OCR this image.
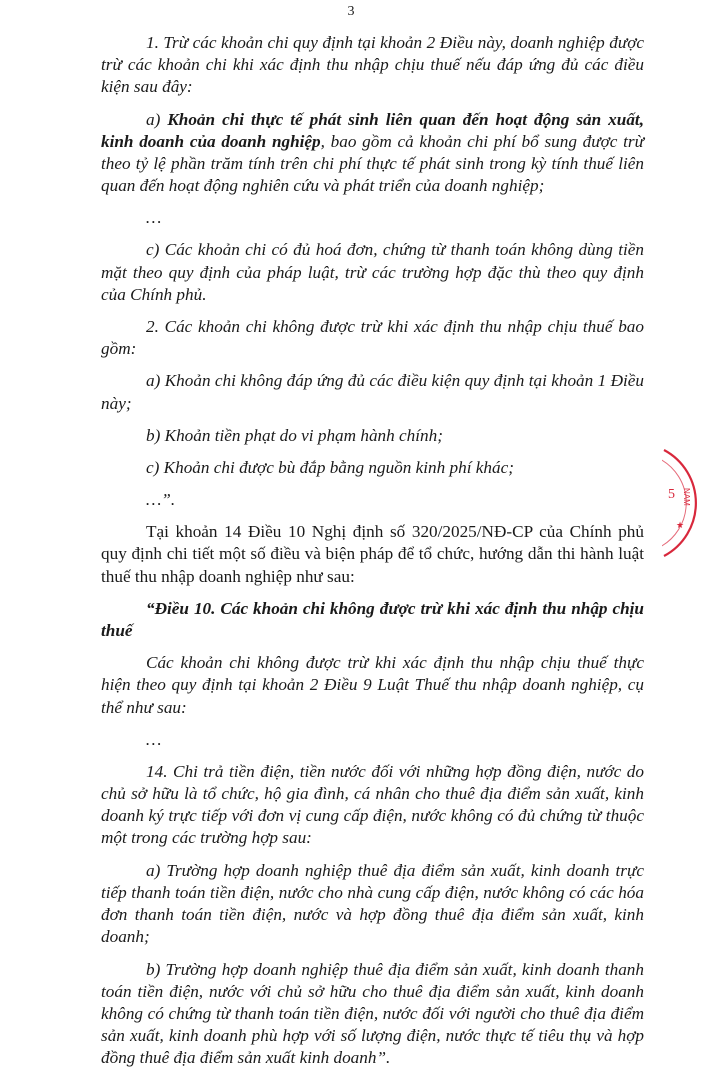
3

1. Trừ các khoản chi quy định tại khoản 2 Điều này, doanh nghiệp được trừ các khoản chi khi xác định thu nhập chịu thuế nếu đáp ứng đủ các điều kiện sau đây:

a) Khoản chi thực tế phát sinh liên quan đến hoạt động sản xuất, kinh doanh của doanh nghiệp, bao gồm cả khoản chi phí bổ sung được trừ theo tỷ lệ phần trăm tính trên chi phí thực tế phát sinh trong kỳ tính thuế liên quan đến hoạt động nghiên cứu và phát triển của doanh nghiệp;

…

c) Các khoản chi có đủ hoá đơn, chứng từ thanh toán không dùng tiền mặt theo quy định của pháp luật, trừ các trường hợp đặc thù theo quy định của Chính phủ.

2. Các khoản chi không được trừ khi xác định thu nhập chịu thuế bao gồm:

a) Khoản chi không đáp ứng đủ các điều kiện quy định tại khoản 1 Điều này;

b) Khoản tiền phạt do vi phạm hành chính;

c) Khoản chi được bù đắp bằng nguồn kinh phí khác;

…”.

Tại khoản 14 Điều 10 Nghị định số 320/2025/NĐ-CP của Chính phủ quy định chi tiết một số điều và biện pháp để tổ chức, hướng dẫn thi hành luật thuế thu nhập doanh nghiệp như sau:

“Điều 10. Các khoản chi không được trừ khi xác định thu nhập chịu thuế

Các khoản chi không được trừ khi xác định thu nhập chịu thuế thực hiện theo quy định tại khoản 2 Điều 9 Luật Thuế thu nhập doanh nghiệp, cụ thể như sau:

…

14. Chi trả tiền điện, tiền nước đối với những hợp đồng điện, nước do chủ sở hữu là tổ chức, hộ gia đình, cá nhân cho thuê địa điểm sản xuất, kinh doanh ký trực tiếp với đơn vị cung cấp điện, nước không có đủ chứng từ thuộc một trong các trường hợp sau:

a) Trường hợp doanh nghiệp thuê địa điểm sản xuất, kinh doanh trực tiếp thanh toán tiền điện, nước cho nhà cung cấp điện, nước không có các hóa đơn thanh toán tiền điện, nước và hợp đồng thuê địa điểm sản xuất, kinh doanh;

b) Trường hợp doanh nghiệp thuê địa điểm sản xuất, kinh doanh thanh toán tiền điện, nước với chủ sở hữu cho thuê địa điểm sản xuất, kinh doanh không có chứng từ thanh toán tiền điện, nước đối với người cho thuê địa điểm sản xuất, kinh doanh phù hợp với số lượng điện, nước thực tế tiêu thụ và hợp đồng thuê địa điểm sản xuất kinh doanh”.

NAM
5
★
